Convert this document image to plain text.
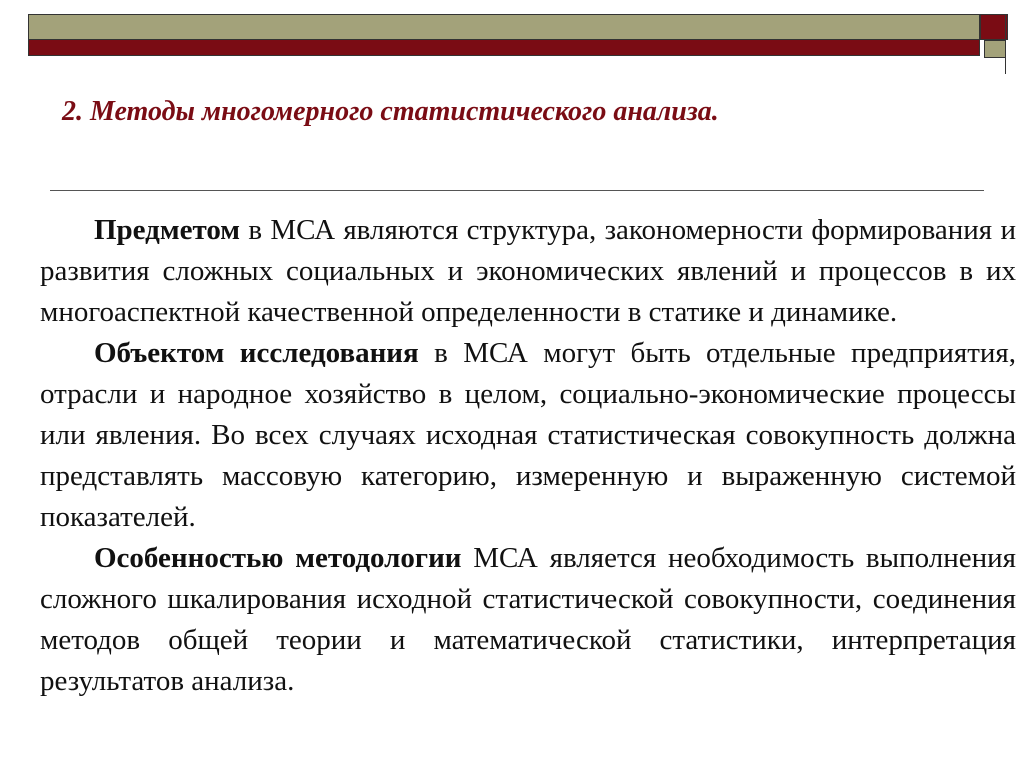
2. Методы многомерного статистического анализа.

Предметом в МСА являются структура, закономерности формирования и развития сложных социальных и экономических явлений и процессов в их многоаспектной качественной определенности в статике и динамике.

Объектом исследования в МСА могут быть отдельные предприятия, отрасли и народное хозяйство в целом, социально-экономические процессы или явления. Во всех случаях исходная статистическая совокупность должна представлять массовую категорию, измеренную и выраженную системой показателей.

Особенностью методологии МСА является необходимость выполнения сложного шкалирования исходной статистической совокупности, соединения методов общей теории и математической статистики, интерпретация результатов анализа.
